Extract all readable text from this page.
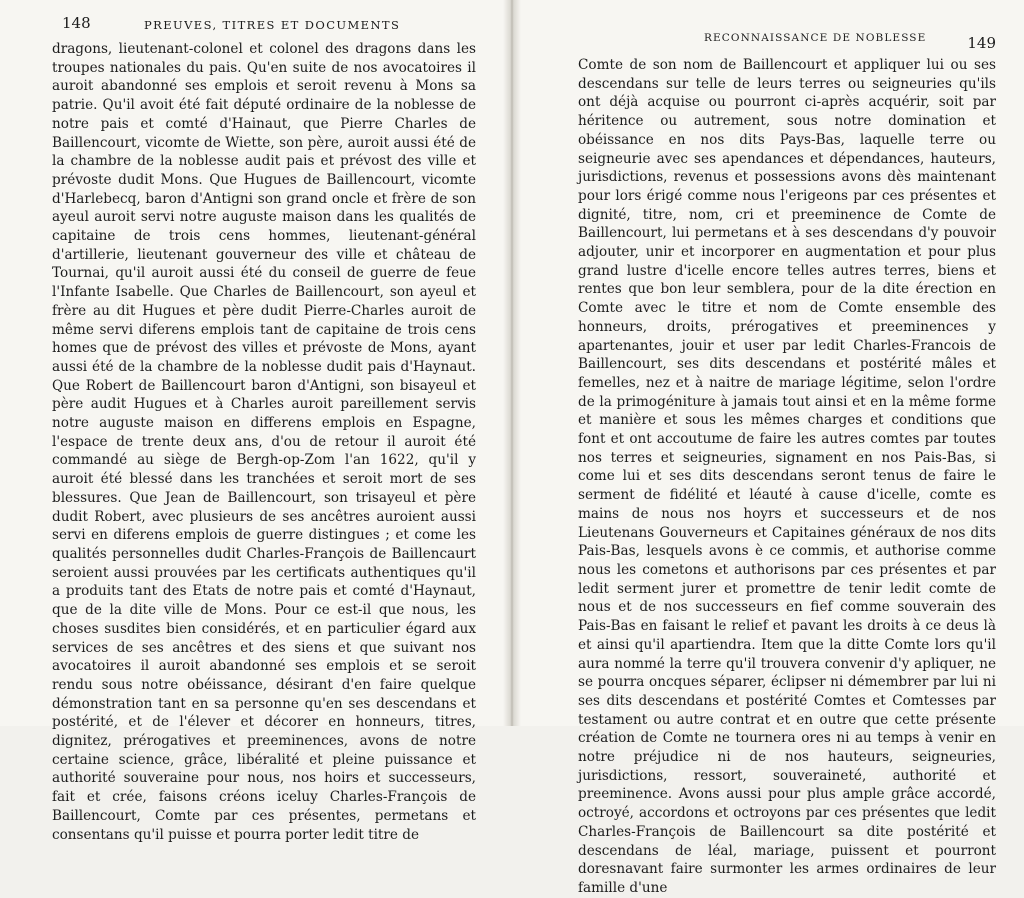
148	PREUVES, TITRES ET DOCUMENTS

dragons, lieutenant-colonel et colonel des dragons dans les troupes nationales du pais. Qu'en suite de nos avocatoires il auroit abandonné ses emplois et seroit revenu à Mons sa patrie. Qu'il avoit été fait député ordinaire de la noblesse de notre pais et comté d'Hainaut, que Pierre Charles de Baillencourt, vicomte de Wiette, son père, auroit aussi été de la chambre de la noblesse audit pais et prévost des ville et prévoste dudit Mons. Que Hugues de Baillencourt, vicomte d'Harlebecq, baron d'Antigni son grand oncle et frère de son ayeul auroit servi notre auguste maison dans les qualités de capitaine de trois cens hommes, lieutenant-général d'artillerie, lieutenant gouverneur des ville et château de Tournai, qu'il auroit aussi été du conseil de guerre de feue l'Infante Isabelle. Que Charles de Baillencourt, son ayeul et frère au dit Hugues et père dudit Pierre-Charles auroit de même servi diferens emplois tant de capitaine de trois cens homes que de prévost des villes et prévoste de Mons, ayant aussi été de la chambre de la noblesse dudit pais d'Haynaut. Que Robert de Baillencourt baron d'Antigni, son bisayeul et père audit Hugues et à Charles auroit pareillement servis notre auguste maison en differens emplois en Espagne, l'espace de trente deux ans, d'ou de retour il auroit été commandé au siège de Bergh-op-Zom l'an 1622, qu'il y auroit été blessé dans les tranchées et seroit mort de ses blessures. Que Jean de Baillencourt, son trisayeul et père dudit Robert, avec plusieurs de ses ancêtres auroient aussi servi en diferens emplois de guerre distingues ; et come les qualités personnelles dudit Charles-François de Baillencaurt seroient aussi prouvées par les certificats authentiques qu'il a produits tant des Etats de notre pais et comté d'Haynaut, que de la dite ville de Mons. Pour ce est-il que nous, les choses susdites bien considérés, et en particulier égard aux services de ses ancêtres et des siens et que suivant nos avocatoires il auroit abandonné ses emplois et se seroit rendu sous notre obéissance, désirant d'en faire quelque démonstration tant en sa personne qu'en ses descendans et postérité, et de l'élever et décorer en honneurs, titres, dignitez, prérogatives et preeminences, avons de notre certaine science, grâce, libéralité et pleine puissance et authorité souveraine pour nous, nos hoirs et successeurs, fait et crée, faisons créons iceluy Charles-François de Baillencourt, Comte par ces présentes, permetans et consentans qu'il puisse et pourra porter ledit titre de

RECONNAISSANCE DE NOBLESSE	149

Comte de son nom de Baillencourt et appliquer lui ou ses descendans sur telle de leurs terres ou seigneuries qu'ils ont déjà acquise ou pourront ci-après acquérir, soit par héritence ou autrement, sous notre domination et obéissance en nos dits Pays-Bas, laquelle terre ou seigneurie avec ses apendances et dépendances, hauteurs, jurisdictions, revenus et possessions avons dès maintenant pour lors érigé comme nous l'erigeons par ces présentes et dignité, titre, nom, cri et preeminence de Comte de Baillencourt, lui permetans et à ses descendans d'y pouvoir adjouter, unir et incorporer en augmentation et pour plus grand lustre d'icelle encore telles autres terres, biens et rentes que bon leur semblera, pour de la dite érection en Comte avec le titre et nom de Comte ensemble des honneurs, droits, prérogatives et preeminences y apartenantes, jouir et user par ledit Charles-Francois de Baillencourt, ses dits descendans et postérité mâles et femelles, nez et à naitre de mariage légitime, selon l'ordre de la primogéniture à jamais tout ainsi et en la même forme et manière et sous les mêmes charges et conditions que font et ont accoutume de faire les autres comtes par toutes nos terres et seigneuries, signament en nos Pais-Bas, si come lui et ses dits descendans seront tenus de faire le serment de fidélité et léauté à cause d'icelle, comte es mains de nous nos hoyrs et successeurs et de nos Lieutenans Gouverneurs et Capitaines généraux de nos dits Pais-Bas, lesquels avons è ce commis, et authorise comme nous les cometons et authorisons par ces présentes et par ledit serment jurer et promettre de tenir ledit comte de nous et de nos successeurs en fief comme souverain des Pais-Bas en faisant le relief et pavant les droits à ce deus là et ainsi qu'il apartiendra. Item que la ditte Comte lors qu'il aura nommé la terre qu'il trouvera convenir d'y apliquer, ne se pourra oncques séparer, éclipser ni démembrer par lui ni ses dits descendans et postérité Comtes et Comtesses par testament ou autre contrat et en outre que cette présente création de Comte ne tournera ores ni au temps à venir en notre préjudice ni de nos hauteurs, seigneuries, jurisdictions, ressort, souveraineté, authorité et preeminence. Avons aussi pour plus ample grâce accordé, octroyé, accordons et octroyons par ces présentes que ledit Charles-François de Baillencourt sa dite postérité et descendans de léal, mariage, puissent et pourront doresnavant faire surmonter les armes ordinaires de leur famille d'une
